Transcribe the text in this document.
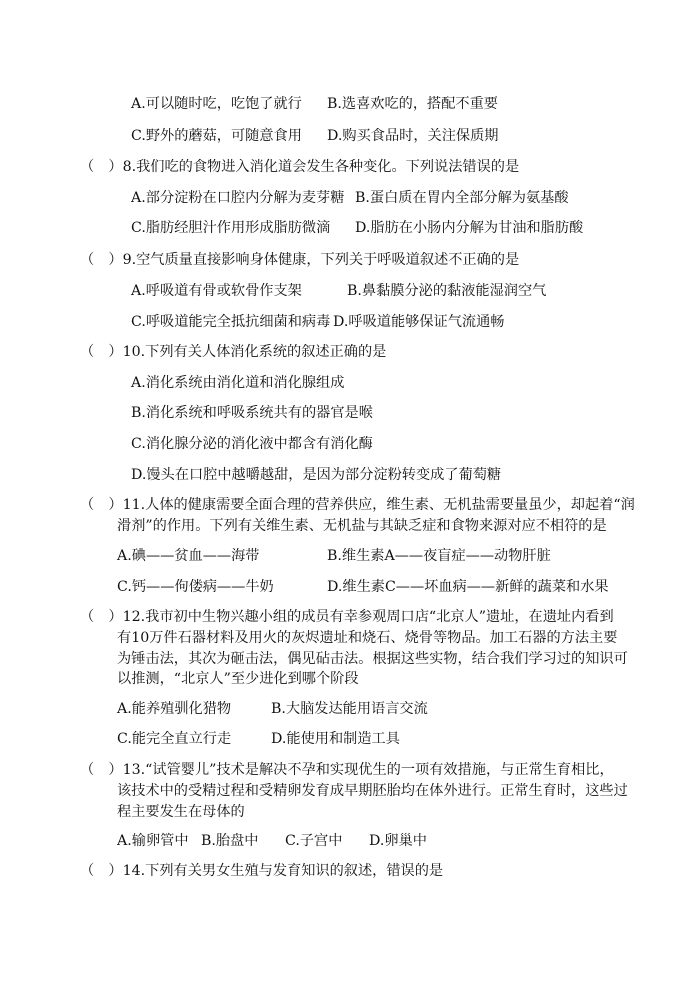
A.可以随时吃，吃饱了就行 B.选喜欢吃的，搭配不重要
C.野外的蘑菇，可随意食用 D.购买食品时，关注保质期
（　）8.我们吃的食物进入消化道会发生各种变化。下列说法错误的是
A.部分淀粉在口腔内分解为麦芽糖 B.蛋白质在胃内全部分解为氨基酸
C.脂肪经胆汁作用形成脂肪微滴 D.脂肪在小肠内分解为甘油和脂肪酸
（　）9.空气质量直接影响身体健康，下列关于呼吸道叙述不正确的是
A.呼吸道有骨或软骨作支架	B.鼻黏膜分泌的黏液能湿润空气
C.呼吸道能完全抵抗细菌和病毒 D.呼吸道能够保证气流通畅
（　）10.下列有关人体消化系统的叙述正确的是
A.消化系统由消化道和消化腺组成
B.消化系统和呼吸系统共有的器官是喉
C.消化腺分泌的消化液中都含有消化酶
D.馒头在口腔中越嚼越甜，是因为部分淀粉转变成了葡萄糖
（　）11.人体的健康需要全面合理的营养供应，维生素、无机盐需要量虽少，却起着“润
滑剂”的作用。下列有关维生素、无机盐与其缺乏症和食物来源对应不相符的是
A.碘——贫血——海带	B.维生素A——夜盲症——动物肝脏
C.钙——佝偻病——牛奶	D.维生素C——坏血病——新鲜的蔬菜和水果
（　）12.我市初中生物兴趣小组的成员有幸参观周口店“北京人”遗址，在遗址内看到
有10万件石器材料及用火的灰烬遗址和烧石、烧骨等物品。加工石器的方法主要
为锤击法，其次为砸击法，偶见砧击法。根据这些实物，结合我们学习过的知识可
以推测，“北京人”至少进化到哪个阶段
A.能养殖驯化猎物	B.大脑发达能用语言交流
C.能完全直立行走	D.能使用和制造工具
（　）13.“试管婴儿”技术是解决不孕和实现优生的一项有效措施，与正常生育相比，
该技术中的受精过程和受精卵发育成早期胚胎均在体外进行。正常生育时，这些过
程主要发生在母体的
A.输卵管中 B.胎盘中 C.子宫中 D.卵巢中
（　）14.下列有关男女生殖与发育知识的叙述，错误的是
